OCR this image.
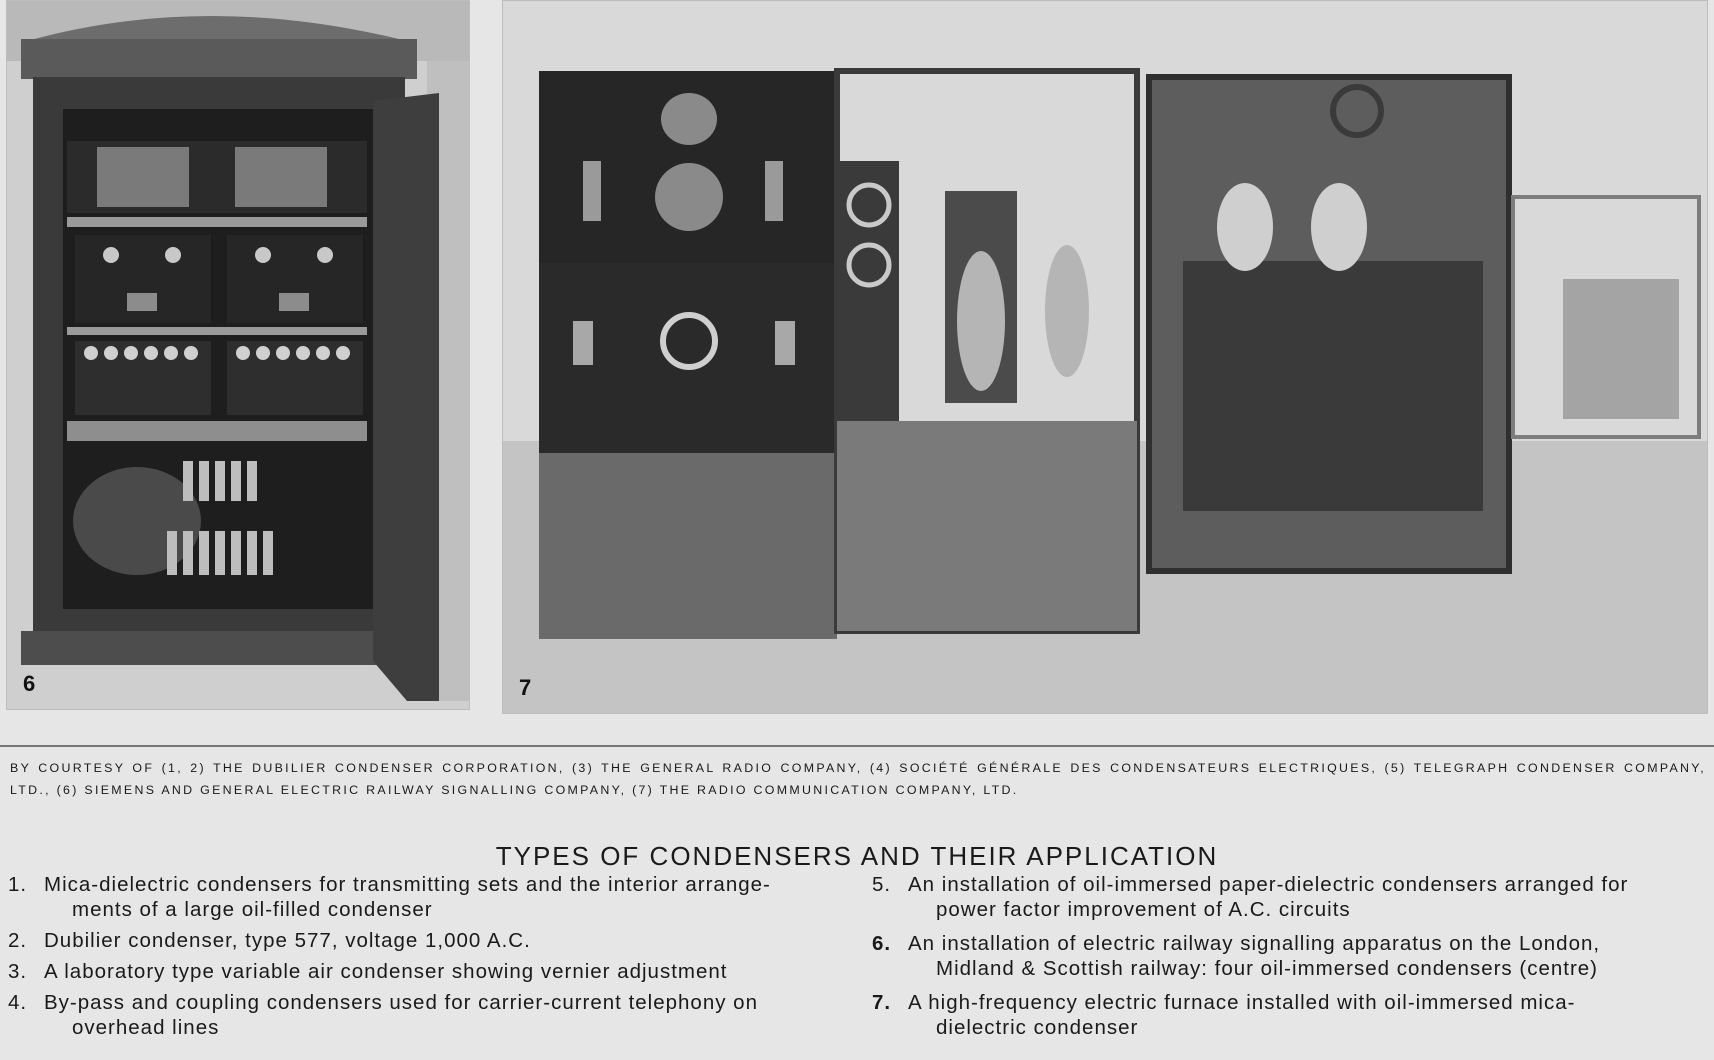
6	7
BY COURTESY OF (1, 2) THE DUBILIER CONDENSER CORPORATION, (3) THE GENERAL RADIO COMPANY, (4) SOCIÉTÉ GÉNÉRALE DES CONDENSATEURS ELECTRIQUES, (5) TELEGRAPH CONDENSER COMPANY, LTD., (6) SIEMENS AND GENERAL ELECTRIC RAILWAY SIGNALLING COMPANY, (7) THE RADIO COMMUNICATION COMPANY, LTD.
TYPES OF CONDENSERS AND THEIR APPLICATION
1. Mica-dielectric condensers for transmitting sets and the interior arrange-
ments of a large oil-filled condenser
2. Dubilier condenser, type 577, voltage 1,000 A.C.
3. A laboratory type variable air condenser showing vernier adjustment
4. By-pass and coupling condensers used for carrier-current telephony on
overhead lines
5. An installation of oil-immersed paper-dielectric condensers arranged for
power factor improvement of A.C. circuits
6. An installation of electric railway signalling apparatus on the London,
Midland & Scottish railway: four oil-immersed condensers (centre)
7. A high-frequency electric furnace installed with oil-immersed mica-
dielectric condenser
